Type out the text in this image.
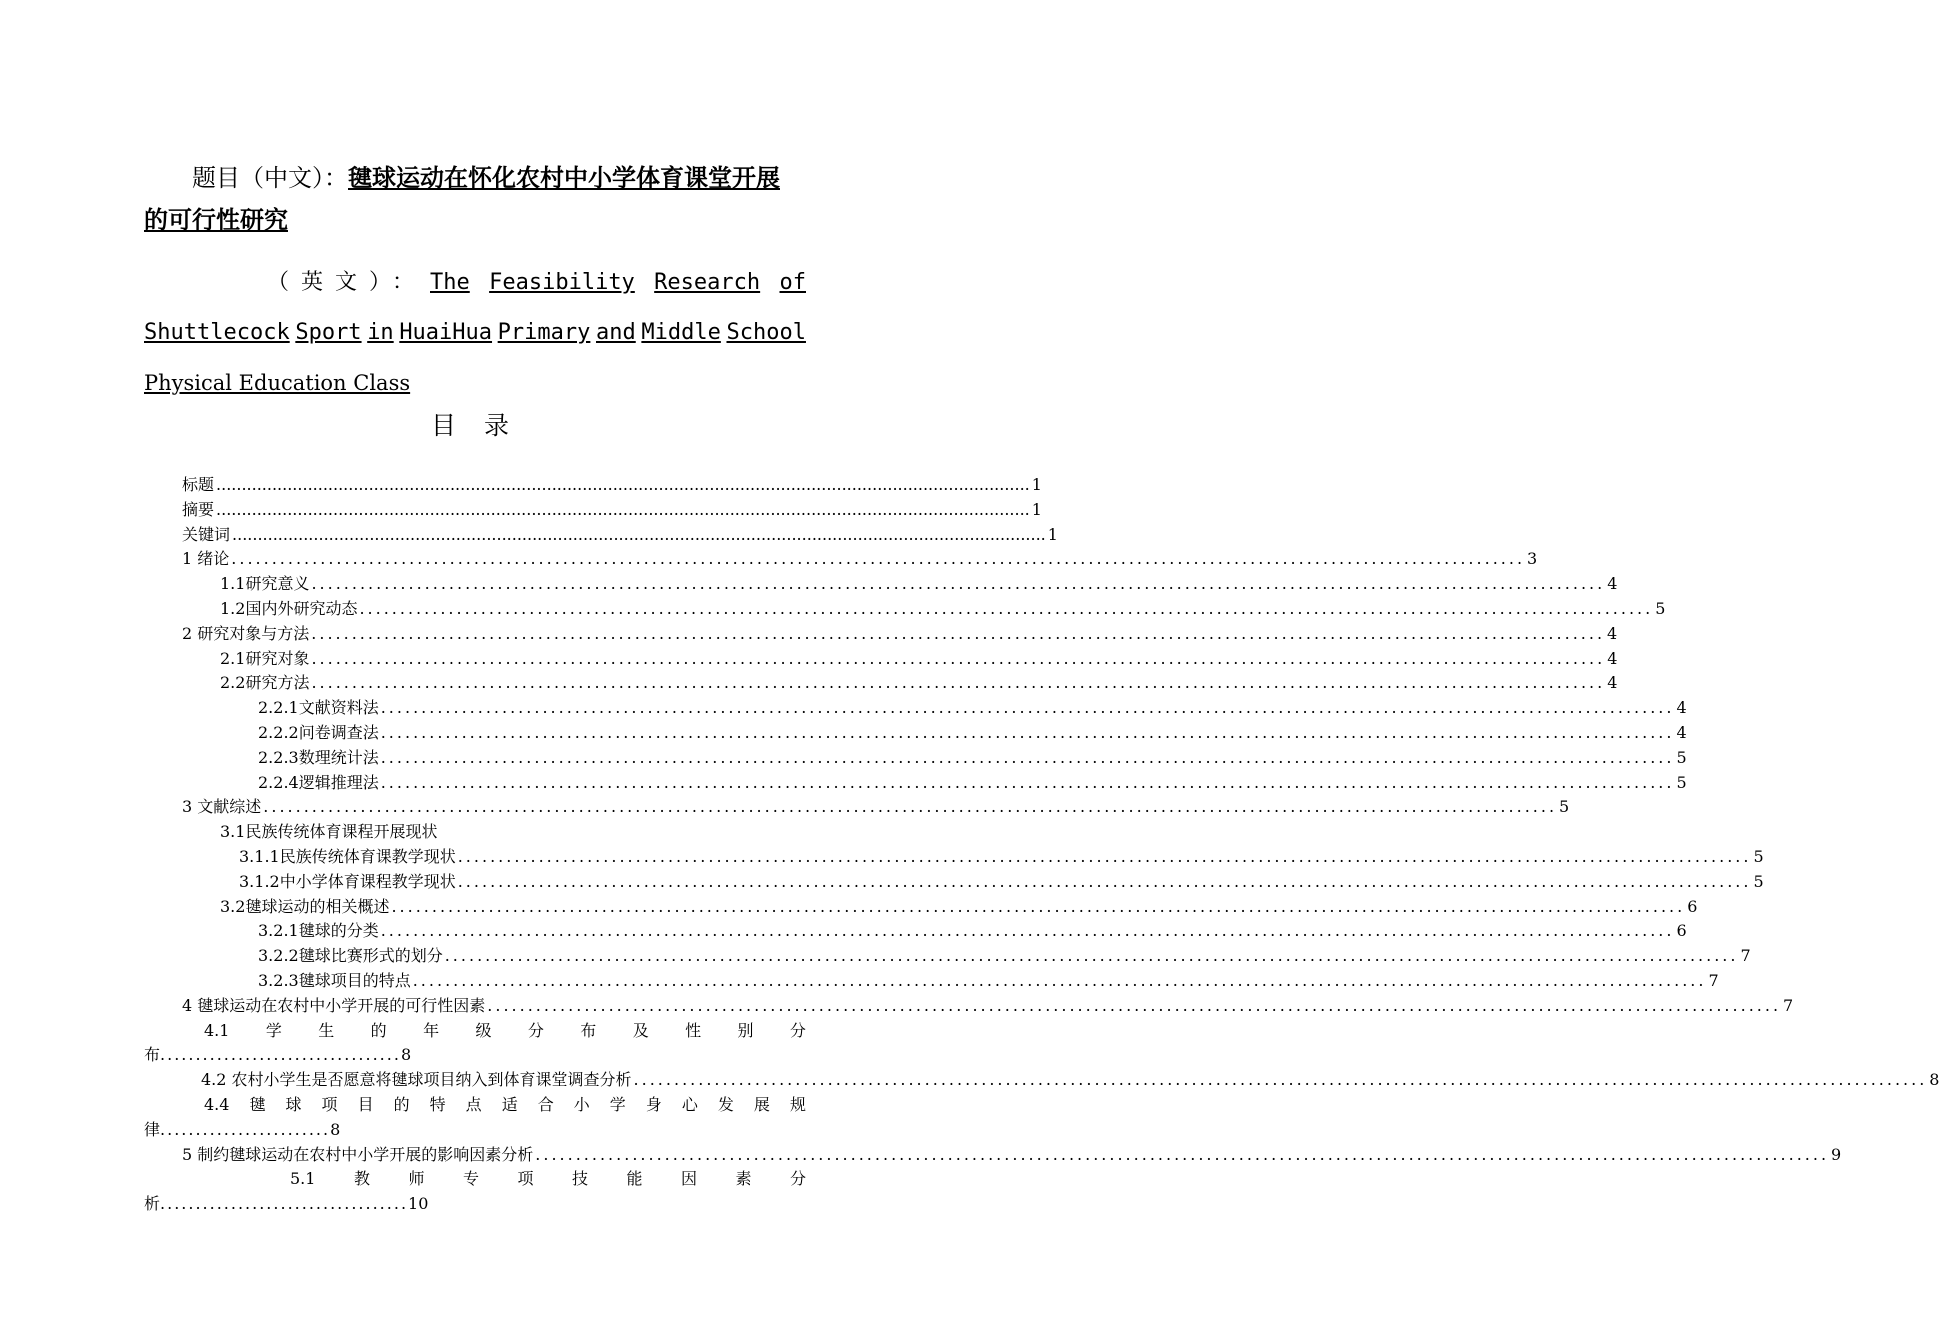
题目（中文）：毽球运动在怀化农村中小学体育课堂开展
的可行性研究
（英文）： The Feasibility Research of
Shuttlecock Sport in HuaiHua Primary and Middle School
Physical Education Class
目 录
标题 ................................................................................................................................................................ 1
摘要 ................................................................................................................................................................ 1
关键词 ................................................................................................................................................................ 1
1 绪论 ................................................................................................................................................................ 3
1.1研究意义 ................................................................................................................................................................ 4
1.2国内外研究动态 ................................................................................................................................................................ 5
2 研究对象与方法 ................................................................................................................................................................ 4
2.1研究对象 ................................................................................................................................................................ 4
2.2研究方法 ................................................................................................................................................................ 4
2.2.1文献资料法 ................................................................................................................................................................ 4
2.2.2问卷调查法 ................................................................................................................................................................ 4
2.2.3数理统计法 ................................................................................................................................................................ 5
2.2.4逻辑推理法 ................................................................................................................................................................ 5
3 文献综述 ................................................................................................................................................................ 5
3.1民族传统体育课程开展现状
3.1.1民族传统体育课教学现状 ................................................................................................................................................................ 5
3.1.2中小学体育课程教学现状 ................................................................................................................................................................ 5
3.2毽球运动的相关概述 ................................................................................................................................................................ 6
3.2.1毽球的分类 ................................................................................................................................................................ 6
3.2.2毽球比赛形式的划分 ................................................................................................................................................................ 7
3.2.3毽球项目的特点 ................................................................................................................................................................ 7
4 毽球运动在农村中小学开展的可行性因素 ................................................................................................................................................................ 7
4.1 学 生 的 年 级 分 布 及 性 别 分
布..................................8
4.2 农村小学生是否愿意将毽球项目纳入到体育课堂调查分析 ................................................................................................................................................................ 8
4.4 毽 球 项 目 的 特 点 适 合 小 学 身 心 发 展 规
律........................8
5 制约毽球运动在农村中小学开展的影响因素分析 ................................................................................................................................................................ 9
5.1 教 师 专 项 技 能 因 素 分
析...................................10
